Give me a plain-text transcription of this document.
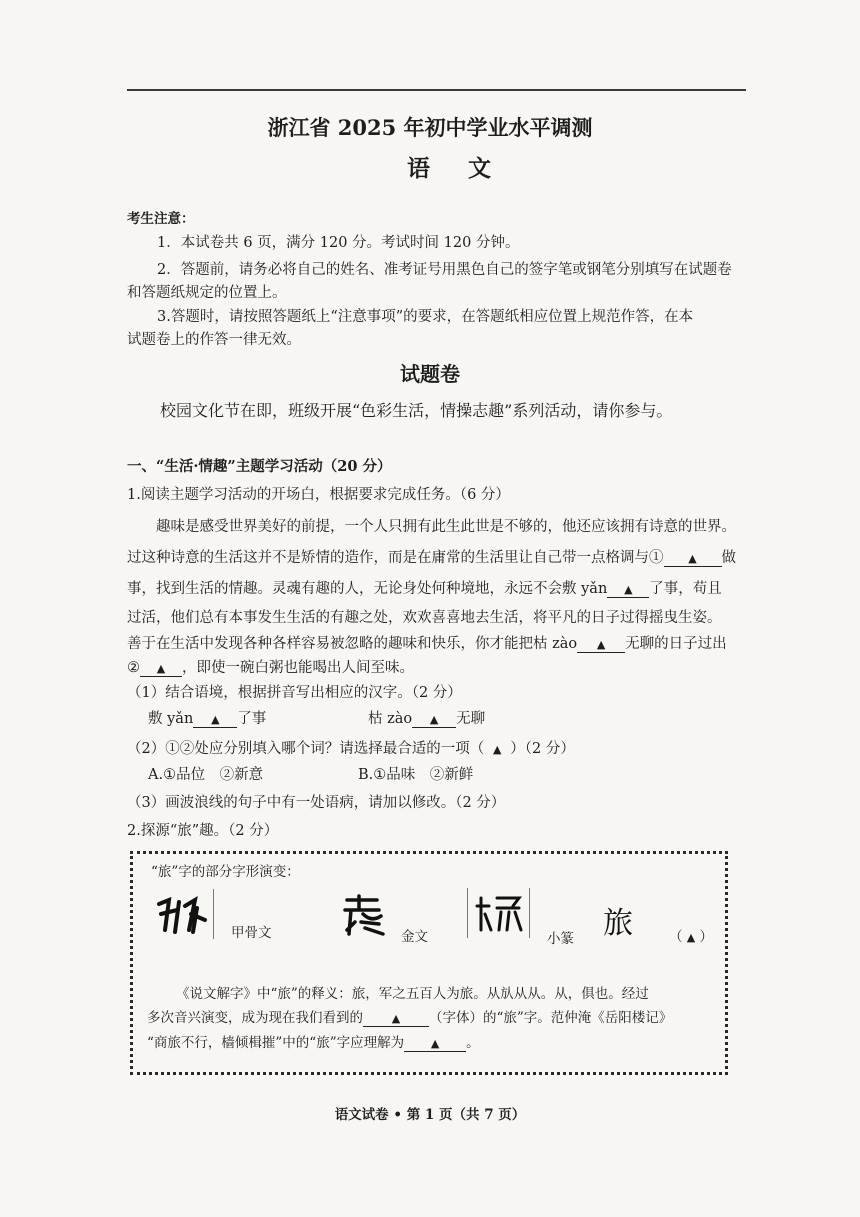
浙江省 2025 年初中学业水平调测
语文
考生注意：
1．本试卷共 6 页，满分 120 分。考试时间 120 分钟。
2．答题前，请务必将自己的姓名、准考证号用黑色自己的签字笔或钢笔分别填写在试题卷
和答题纸规定的位置上。
3.答题时，请按照答题纸上“注意事项”的要求，在答题纸相应位置上规范作答，在本
试题卷上的作答一律无效。
试题卷
校园文化节在即，班级开展“色彩生活，情操志趣”系列活动，请你参与。
一、“生活·情趣”主题学习活动（20 分）
1.阅读主题学习活动的开场白，根据要求完成任务。（6 分）
趣味是感受世界美好的前提，一个人只拥有此生此世是不够的，他还应该拥有诗意的世界。
过这种诗意的生活这并不是矫情的造作，而是在庸常的生活里让自己带一点格调与① ▲ 做
事，找到生活的情趣。灵魂有趣的人，无论身处何种境地，永远不会敷 yǎn ▲ 了事，苟且
过活，他们总有本事发生生活的有趣之处，欢欢喜喜地去生活，将平凡的日子过得摇曳生姿。
善于在生活中发现各种各样容易被忽略的趣味和快乐，你才能把枯 zào ▲ 无聊的日子过出
② ▲ ，即使一碗白粥也能喝出人间至味。
（1）结合语境，根据拼音写出相应的汉字。（2 分）
敷 yǎn ▲ 了事	枯 zào ▲ 无聊
（2）①②处应分别填入哪个词？请选择最合适的一项（ ▲ ）（2 分）
A.①品位　②新意	B.①品味　②新鲜
（3）画波浪线的句子中有一处语病，请加以修改。（2 分）
2.探源“旅”趣。（2 分）
“旅”字的部分字形演变：
甲骨文	金文	小篆 旅	（ ▲ ）
《说文解字》中“旅”的释义：旅，军之五百人为旅。从㫃从从。从，俱也。经过
多次音兴演变，成为现在我们看到的	▲ （字体）的“旅”字。范仲淹《岳阳楼记》
“商旅不行，樯倾楫摧”中的“旅”字应理解为 ▲ 。
语文试卷 • 第 1 页（共 7 页）
